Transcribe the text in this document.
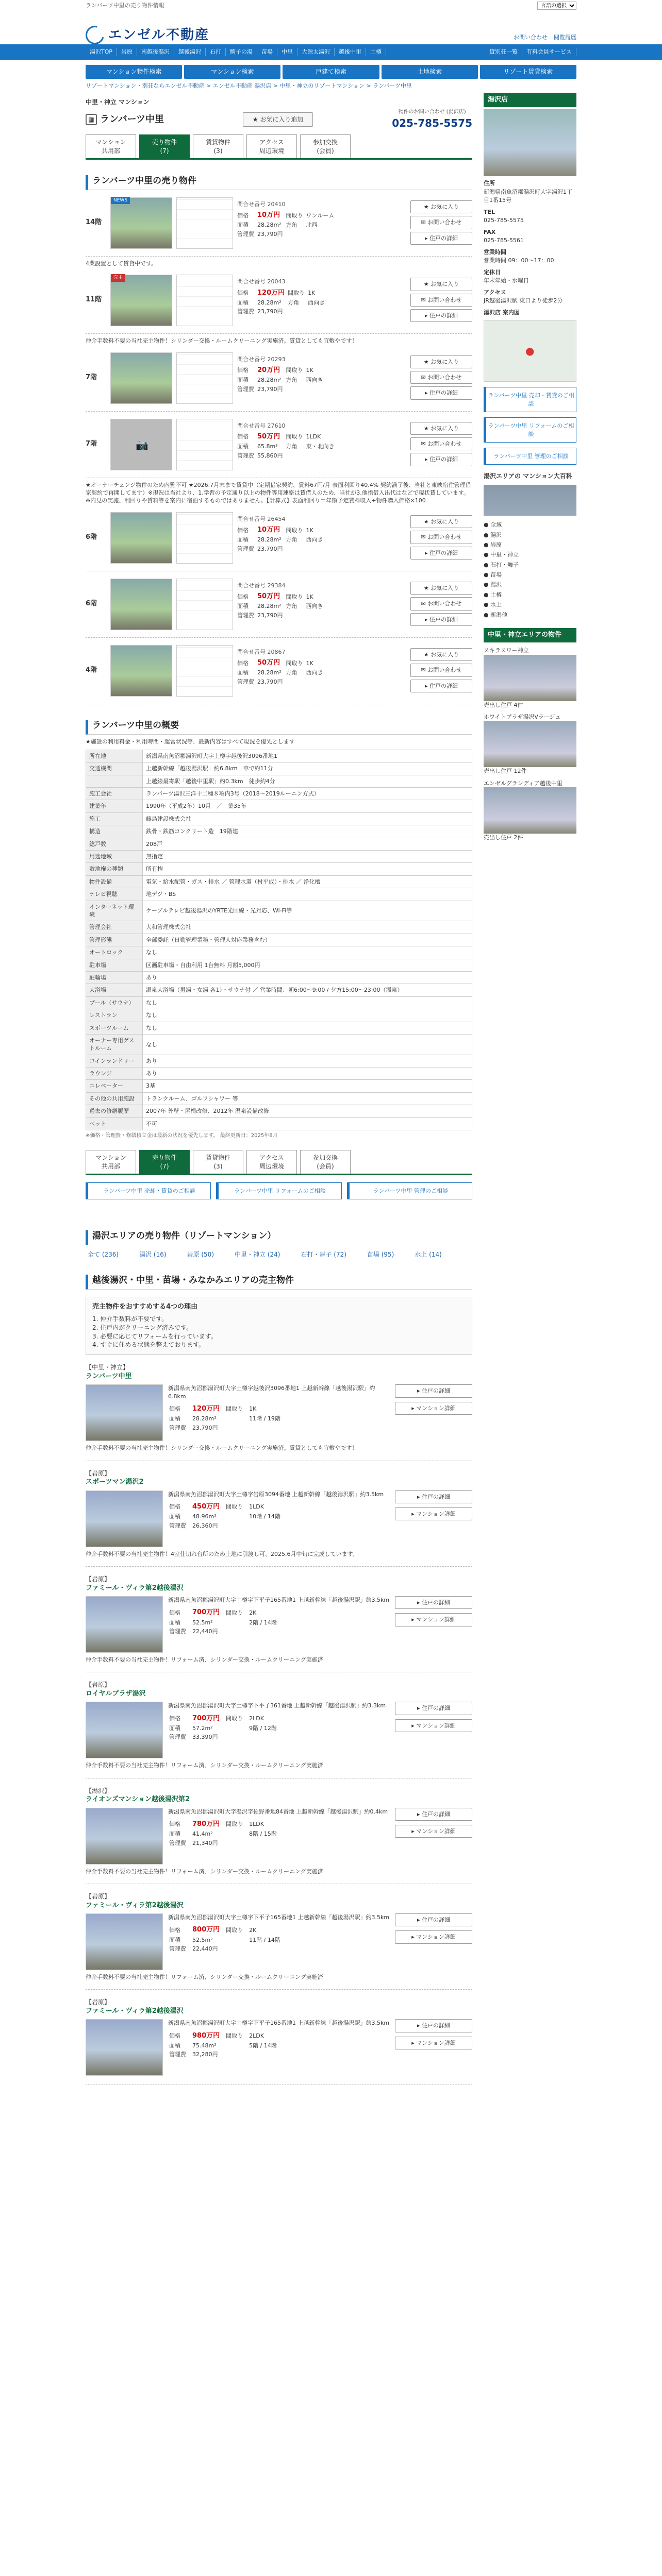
ランバーツ中里の売り物件情報
言語の選択
エンゼル不動産	お問い合わせ 閲覧履歴
湯沢TOP	岩原	南越後湯沢	越後湯沢	石打	駒子の湯	苗場	中里	大源太湯沢	越後中里	土樽	貸別荘一覧	有料会員サービス
マンション物件検索	マンション検索	戸建て検索	土地検索	リゾート賃貸検索
リゾートマンション・別荘ならエンゼル不動産 > エンゼル不動産 湯沢店 > 中里・神立のリゾートマンション > ランバーツ中里
中里・神立 マンション
▦ ランバーツ中里	★ お気に入り追加
物件のお問い合わせ (湯沢店)
025-785-5575
マンション
共用部
売り物件
(7)
賃貸物件
(3)
アクセス
周辺環境
参加交換
(会員)
ランバーツ中里の売り物件
14階
NEWS
問合せ番号 20410
価格	10万円	間取り	ワンルーム
面積	28.28m²	方角	北西
管理費	23,790円		
★ お気に入り
✉ お問い合わせ
▸ 住戸の詳細
4業設置として賃貸中です。
11階
売主
問合せ番号 20043
価格	120万円	間取り	1K
面積	28.28m²	方角	西向き
管理費	23,790円		
★ お気に入り
✉ お問い合わせ
▸ 住戸の詳細
仲介手数料不要の当社売主物件！シリンダー交換・ルームクリーニング実施済。賃貸としても宜敷やです！
7階
問合せ番号 20293
価格	20万円	間取り	1K
面積	28.28m²	方角	西向き
管理費	23,790円		
★ お気に入り
✉ お問い合わせ
▸ 住戸の詳細
7階	📷
問合せ番号 27610
価格	50万円	間取り	1LDK
面積	65.8m²	方角	東・北向き
管理費	55,860円		
★ お気に入り
✉ お問い合わせ
▸ 住戸の詳細
★オーナーチェンジ物件のため内覧不可 ★2026.7月末まで賃貸中（定期借家契約、賃料67円/月 表面利回り40.4% 契約満了後、当社と東映宿住管理借家契約で再開してます）※現況は当社より、1.学習の予定通り以上の物件等用連絡は賃借人のため、当社が3.他指借入出代はなどで現状賃しています。※内見の実施、利回りや賃料等を案内に宿泊するものではありません。【計算式】表面利回り＝年額予定賃料収入÷物件購入価格×100
6階
問合せ番号 26454
価格	10万円	間取り	1K
面積	28.28m²	方角	西向き
管理費	23,790円		
★ お気に入り
✉ お問い合わせ
▸ 住戸の詳細
6階
問合せ番号 29384
価格	50万円	間取り	1K
面積	28.28m²	方角	西向き
管理費	23,790円		
★ お気に入り
✉ お問い合わせ
▸ 住戸の詳細
4階
問合せ番号 20867
価格	50万円	間取り	1K
面積	28.28m²	方角	西向き
管理費	23,790円		
★ お気に入り
✉ お問い合わせ
▸ 住戸の詳細
ランバーツ中里の概要
★施設の利用料金・利用時間・運営状況等、最新内容はすべて現況を優先とします
所在地	新潟県南魚沼郡湯沢町大字土樽字越後沢3096番地1
交通機関	上越新幹線「越後湯沢駅」約6.8km　車で約11分
	上越線最寄駅「越後中里駅」約0.3km　徒歩約4分
施工会社	ランバーツ湯沢三洋十二種８項内3号（2018～2019ルーニン方式）
建築年	1990年（平成2年）10月　／　築35年
施工	藤島建設株式会社
構造	鉄骨・鉄筋コンクリート造　19階建
総戸数	208戸
用途地域	無指定
敷地権の種類	所有権
物件設備	電気・給水配管・ガス・排水 ／ 管理水道（村平成）・排水 ／ 浄化槽
テレビ視聴	地デジ・BS
インターネット環境	ケーブルテレビ越後湯沢のYRTE光回線・光対応、Wi-Fi等
管理会社	大和管理株式会社
管理形態	全部委託（日勤管理業務・管理人対応業務含む）
オートロック	なし
駐車場	区画駐車場・自由利用 1台無料 月額5,000円
駐輪場	あり
大浴場	温泉大浴場（男湯・女湯 各1）・サウナ付 ／ 営業時間：朝6:00～9:00 / 夕方15:00～23:00（温泉）
プール（サウナ）	なし
レストラン	なし
スポーツルーム	なし
オーナー専用ゲストルーム	なし
コインランドリー	あり
ラウンジ	あり
エレベーター	3基
その他の共用施設	トランクルーム、ゴルフシャワー 等
過去の修繕履歴	2007年 外壁・屋根改修、2012年 温泉設備改修
ペット	不可
※価格・管理費・修繕積立金は最新の状況を優先します。 最終更新日：2025年8月
マンション
共用部
売り物件
(7)
賃貸物件
(3)
アクセス
周辺環境
参加交換
(会員)
ランバーツ中里 売却・賃貸のご相談	ランバーツ中里 リフォームのご相談	ランバーツ中里 管理のご相談
湯沢エリアの売り物件（リゾートマンション）
全て (236)	湯沢 (16)	岩原 (50)	中里・神立 (24)	石打・舞子 (72)	苗場 (95)	水上 (14)
越後湯沢・中里・苗場・みなかみエリアの売主物件
売主物件をおすすめする4つの理由
1. 仲介手数料が不要です。
2. 住戸内がクリーニング済みです。
3. 必要に応じてリフォームを行っています。
4. すぐに住める状態を整えております。
【中里・神立】
ランバーツ中里
新潟県南魚沼郡湯沢町大字土樽字越後沢3096番地1 上越新幹線「越後湯沢駅」約6.8km
価格	120万円	間取り	1K
面積	28.28m²		11階 / 19階
管理費	23,790円		
▸ 住戸の詳細
▸ マンション詳細
仲介手数料不要の当社売主物件！シリンダー交換・ルームクリーニング実施済。賃貸としても宜敷やです！
【岩原】
スポーツマン湯沢2
新潟県南魚沼郡湯沢町大字土樽字岩原3094番地 上越新幹線「越後湯沢駅」約3.5km
価格	450万円	間取り	1LDK
面積	48.96m²		10階 / 14階
管理費	26,360円		
▸ 住戸の詳細
▸ マンション詳細
仲介手数料不要の当社売主物件！4室仕切れ台所のため土地に引渡し可、2025.6月中旬に完成しています。
【岩原】
ファミール・ヴィラ第2越後湯沢
新潟県南魚沼郡湯沢町大字土樽字下平子165番地1 上越新幹線「越後湯沢駅」約3.5km
価格	700万円	間取り	2K
面積	52.5m²		2階 / 14階
管理費	22,440円		
▸ 住戸の詳細
▸ マンション詳細
仲介手数料不要の当社売主物件！リフォーム済、シリンダー交換・ルームクリーニング実施済
【岩原】
ロイヤルプラザ湯沢
新潟県南魚沼郡湯沢町大字土樽字下平子361番地 上越新幹線「越後湯沢駅」約3.3km
価格	700万円	間取り	2LDK
面積	57.2m²		9階 / 12階
管理費	33,390円		
▸ 住戸の詳細
▸ マンション詳細
仲介手数料不要の当社売主物件！リフォーム済、シリンダー交換・ルームクリーニング実施済
【湯沢】
ライオンズマンション越後湯沢第2
新潟県南魚沼郡湯沢町大字湯沢字佐野番地84番地 上越新幹線「越後湯沢駅」約0.4km
価格	780万円	間取り	1LDK
面積	41.4m²		8階 / 15階
管理費	21,340円		
▸ 住戸の詳細
▸ マンション詳細
仲介手数料不要の当社売主物件！リフォーム済、シリンダー交換・ルームクリーニング実施済
【岩原】
ファミール・ヴィラ第2越後湯沢
新潟県南魚沼郡湯沢町大字土樽字下平子165番地1 上越新幹線「越後湯沢駅」約3.5km
価格	800万円	間取り	2K
面積	52.5m²		11階 / 14階
管理費	22,440円		
▸ 住戸の詳細
▸ マンション詳細
仲介手数料不要の当社売主物件！リフォーム済、シリンダー交換・ルームクリーニング実施済
【岩原】
ファミール・ヴィラ第2越後湯沢
新潟県南魚沼郡湯沢町大字土樽字下平子165番地1 上越新幹線「越後湯沢駅」約3.5km
価格	980万円	間取り	2LDK
面積	75.48m²		5階 / 14階
管理費	32,280円		
▸ 住戸の詳細
▸ マンション詳細
湯沢店
住所
新潟県南魚沼郡湯沢町大字湯沢1丁目1番15号
TEL
025-785-5575
FAX
025-785-5561
営業時間
営業時間 09：00～17：00
定休日
年末年始・水曜日
アクセス
JR越後湯沢駅 東口より徒歩2分
湯沢店 案内図
●
ランバーツ中里 売却・賃貸のご相談
ランバーツ中里 リフォームのご相談
ランバーツ中里 管理のご相談
湯沢エリアの マンション大百科
● 全域
● 湯沢
● 岩原
● 中里・神立
● 石打・舞子
● 苗場
● 湯沢
● 土樽
● 水上
● 新潟他
中里・神立エリアの物件
スキラスワー神立
売出し住戸 4件
ホワイトプラザ湯沢Vラージュ
売出し住戸 12件
エンゼルグランディア越後中里
売出し住戸 2件
